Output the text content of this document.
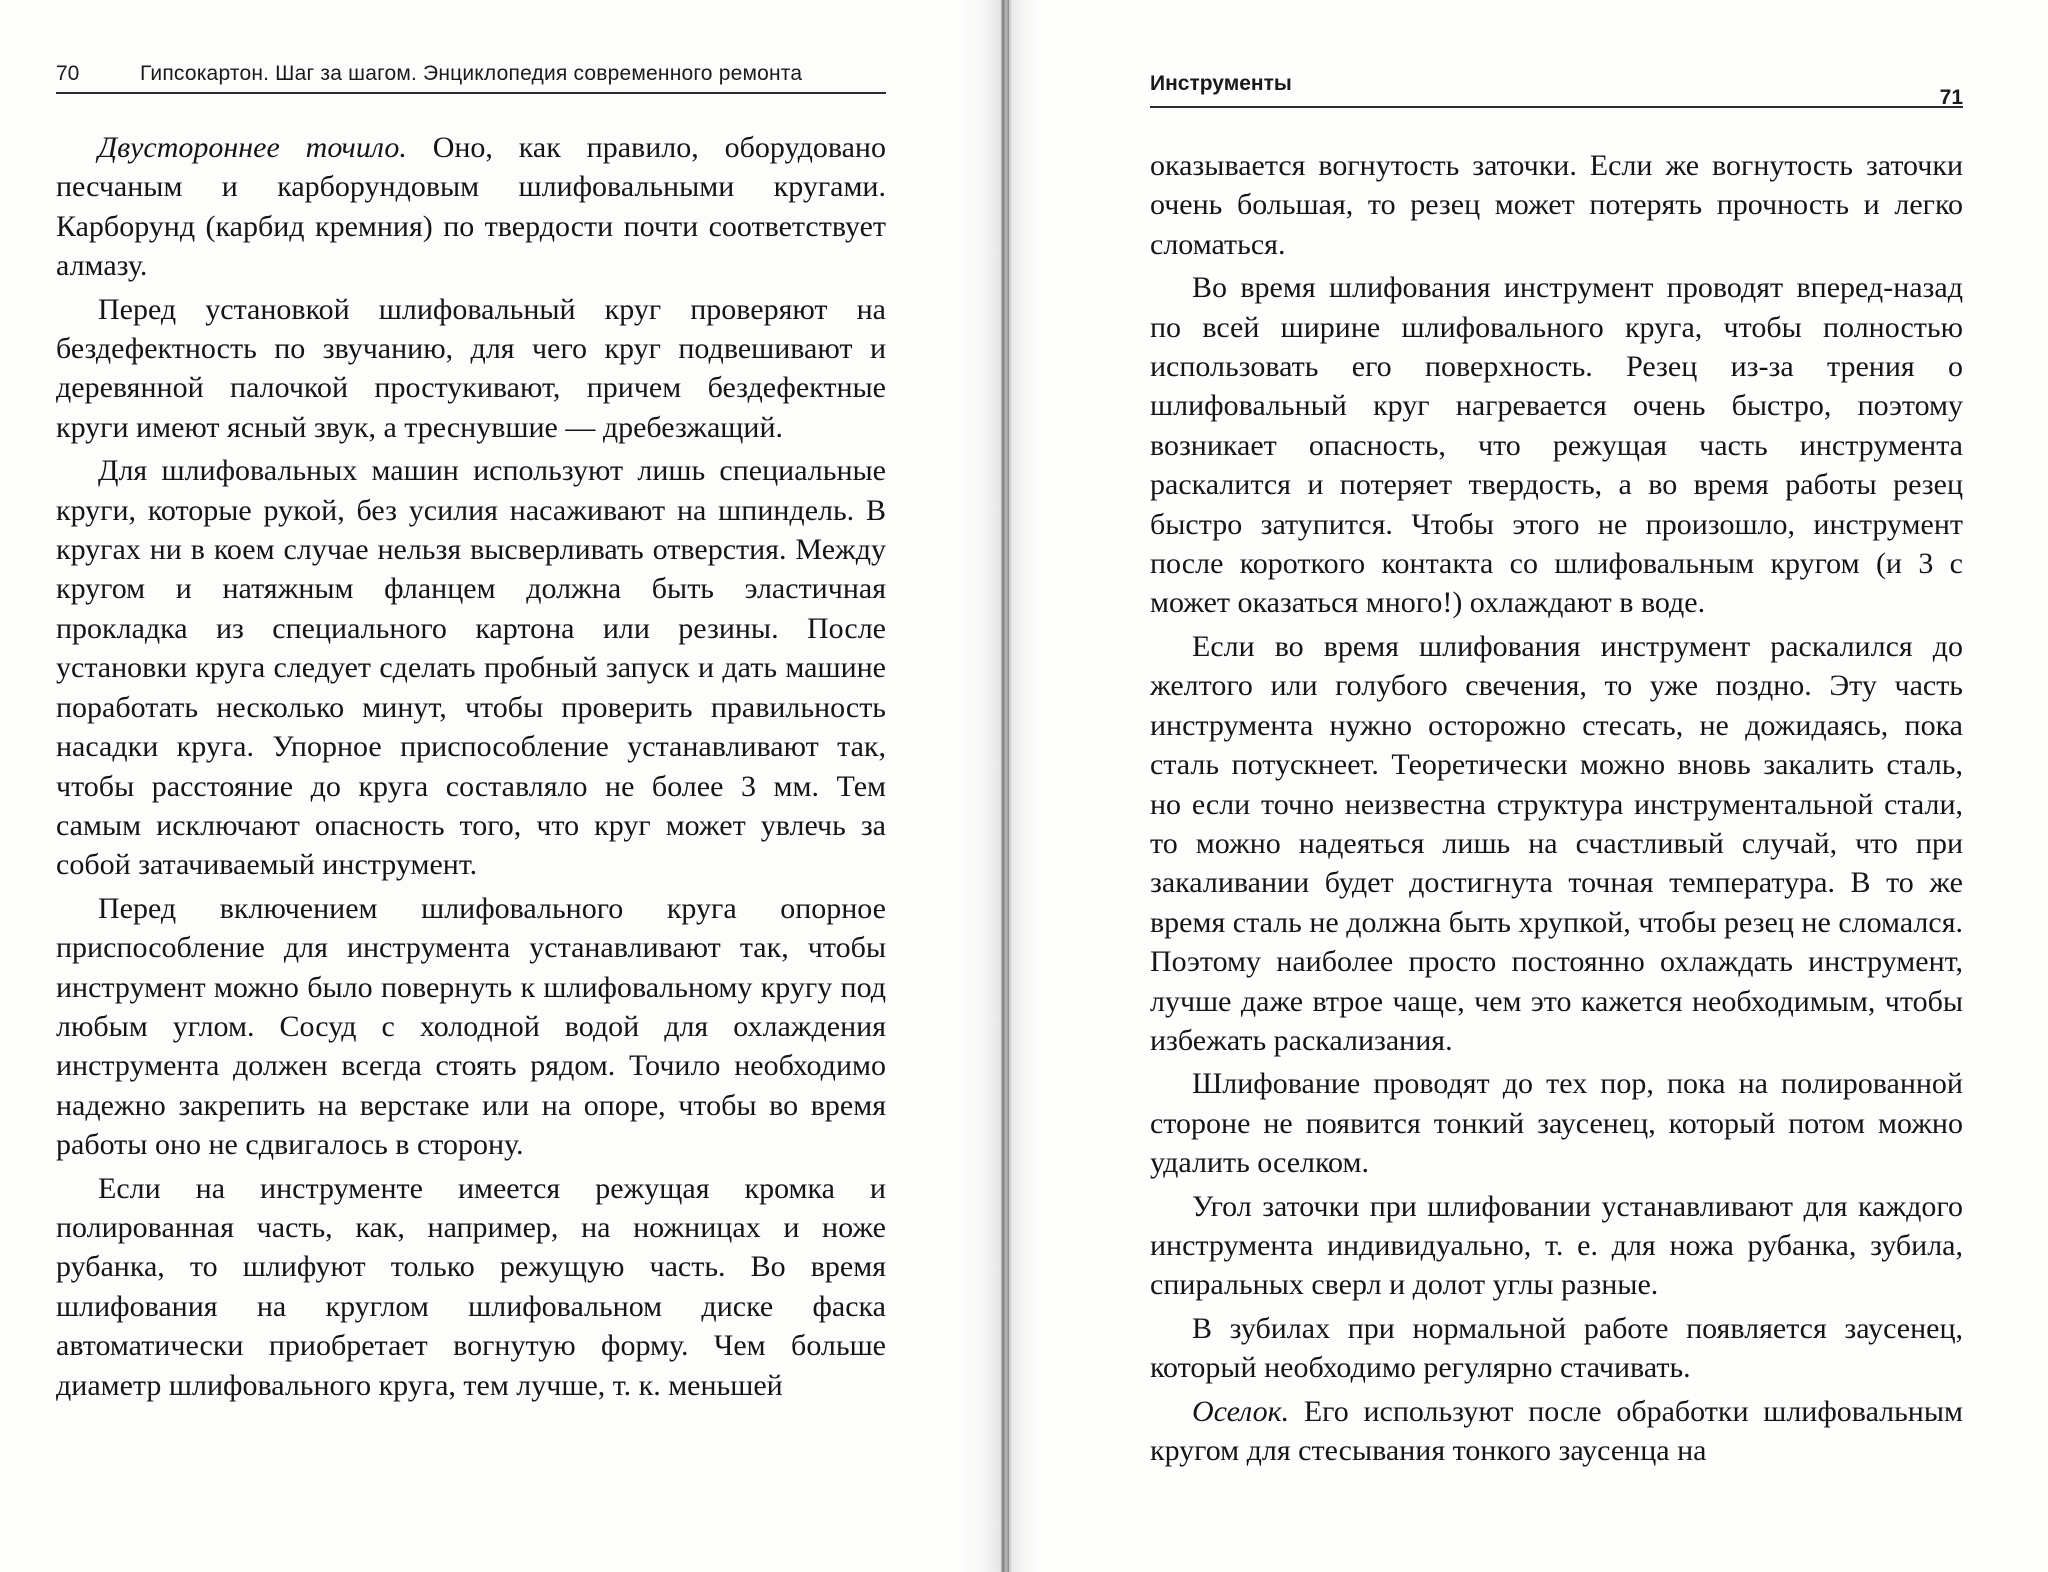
70	Гипсокартон. Шаг за шагом. Энциклопедия современного ремонта

Двустороннее точило. Оно, как правило, оборудовано песчаным и карборундовым шлифовальными кругами. Карборунд (карбид кремния) по твердости почти соответствует алмазу.

Перед установкой шлифовальный круг проверяют на бездефектность по звучанию, для чего круг подвешивают и деревянной палочкой простукивают, причем бездефектные круги имеют ясный звук, а треснувшие — дребезжащий.

Для шлифовальных машин используют лишь специальные круги, которые рукой, без усилия насаживают на шпиндель. В кругах ни в коем случае нельзя высверливать отверстия. Между кругом и натяжным фланцем должна быть эластичная прокладка из специального картона или резины. После установки круга следует сделать пробный запуск и дать машине поработать несколько минут, чтобы проверить правильность насадки круга. Упорное приспособление устанавливают так, чтобы расстояние до круга составляло не более 3 мм. Тем самым исключают опасность того, что круг может увлечь за собой затачиваемый инструмент.

Перед включением шлифовального круга опорное приспособление для инструмента устанавливают так, чтобы инструмент можно было повернуть к шлифовальному кругу под любым углом. Сосуд с холодной водой для охлаждения инструмента должен всегда стоять рядом. Точило необходимо надежно закрепить на верстаке или на опоре, чтобы во время работы оно не сдвигалось в сторону.

Если на инструменте имеется режущая кромка и полированная часть, как, например, на ножницах и ноже рубанка, то шлифуют только режущую часть. Во время шлифования на круглом шлифовальном диске фаска автоматически приобретает вогнутую форму. Чем больше диаметр шлифовального круга, тем лучше, т. к. меньшей

Инструменты
71

оказывается вогнутость заточки. Если же вогнутость заточки очень большая, то резец может потерять прочность и легко сломаться.

Во время шлифования инструмент проводят вперед-назад по всей ширине шлифовального круга, чтобы полностью использовать его поверхность. Резец из-за трения о шлифовальный круг нагревается очень быстро, поэтому возникает опасность, что режущая часть инструмента раскалится и потеряет твердость, а во время работы резец быстро затупится. Чтобы этого не произошло, инструмент после короткого контакта со шлифовальным кругом (и 3 с может оказаться много!) охлаждают в воде.

Если во время шлифования инструмент раскалился до желтого или голубого свечения, то уже поздно. Эту часть инструмента нужно осторожно стесать, не дожидаясь, пока сталь потускнеет. Теоретически можно вновь закалить сталь, но если точно неизвестна структура инструментальной стали, то можно надеяться лишь на счастливый случай, что при закаливании будет достигнута точная температура. В то же время сталь не должна быть хрупкой, чтобы резец не сломался. Поэтому наиболее просто постоянно охлаждать инструмент, лучше даже втрое чаще, чем это кажется необходимым, чтобы избежать раскализания.

Шлифование проводят до тех пор, пока на полированной стороне не появится тонкий заусенец, который потом можно удалить оселком.

Угол заточки при шлифовании устанавливают для каждого инструмента индивидуально, т. е. для ножа рубанка, зубила, спиральных сверл и долот углы разные.

В зубилах при нормальной работе появляется заусенец, который необходимо регулярно стачивать.

Оселок. Его используют после обработки шлифовальным кругом для стесывания тонкого заусенца на
